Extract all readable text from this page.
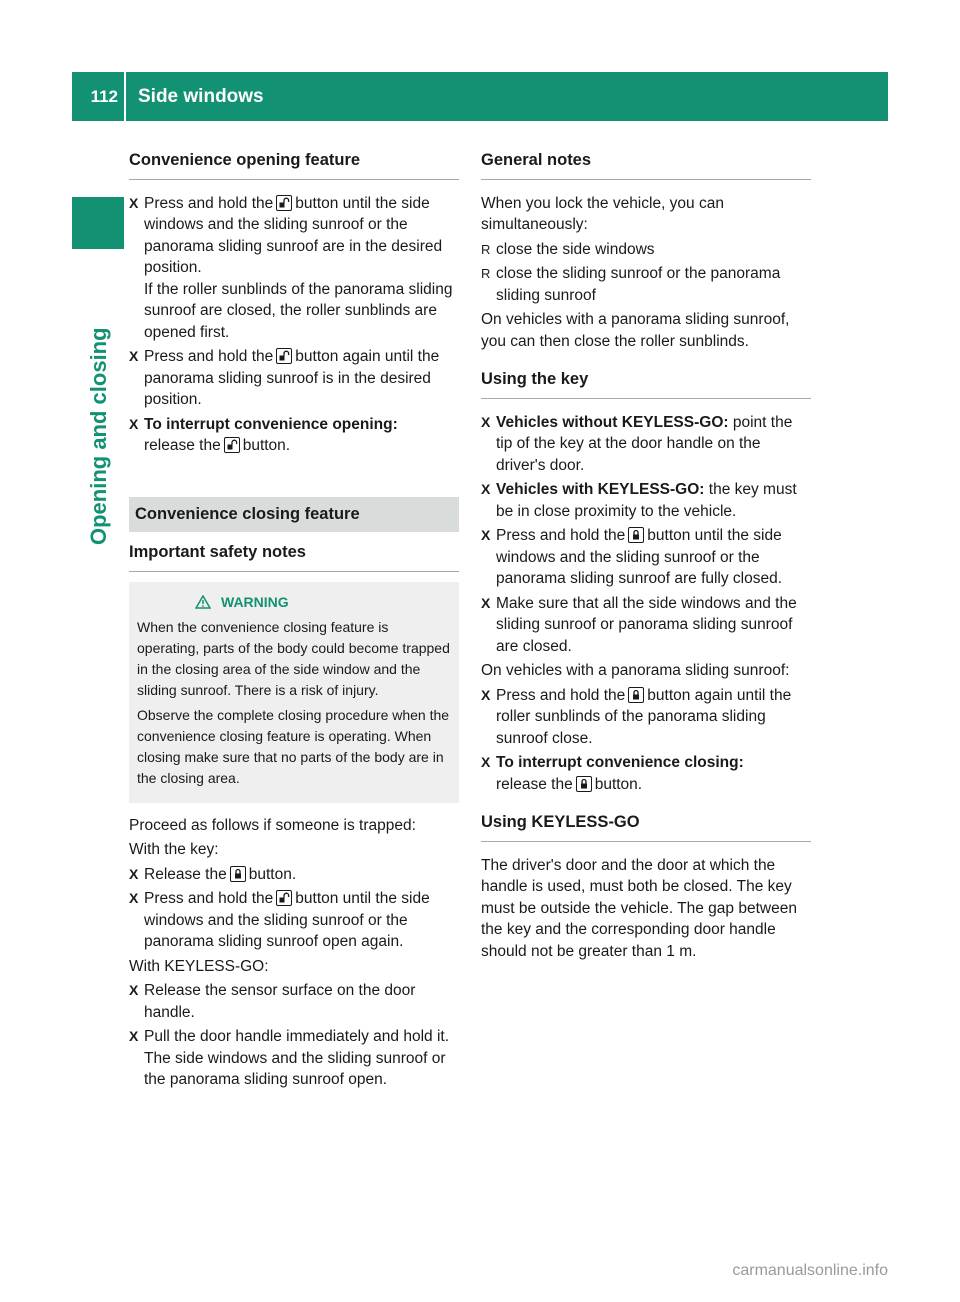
112	Side windows
Opening and closing
Convenience opening feature
X Press and hold the button until the side windows and the sliding sunroof or the panorama sliding sunroof are in the desired position.
If the roller sunblinds of the panorama sliding sunroof are closed, the roller sunblinds are opened first.
X Press and hold the button again until the panorama sliding sunroof is in the desired position.
X To interrupt convenience opening:
release the button.
Convenience closing feature
Important safety notes
WARNING

When the convenience closing feature is operating, parts of the body could become trapped in the closing area of the side window and the sliding sunroof. There is a risk of injury.

Observe the complete closing procedure when the convenience closing feature is operating. When closing make sure that no parts of the body are in the closing area.

Proceed as follows if someone is trapped:

With the key:

X Release the button.
X Press and hold the button until the side windows and the sliding sunroof or the panorama sliding sunroof open again.

With KEYLESS-GO:

X Release the sensor surface on the door handle.
X Pull the door handle immediately and hold it.
The side windows and the sliding sunroof or the panorama sliding sunroof open.
General notes

When you lock the vehicle, you can simultaneously:

R close the side windows
R close the sliding sunroof or the panorama sliding sunroof

On vehicles with a panorama sliding sunroof, you can then close the roller sunblinds.

Using the key
X Vehicles without KEYLESS-GO: point the tip of the key at the door handle on the driver's door.
X Vehicles with KEYLESS-GO: the key must be in close proximity to the vehicle.
X Press and hold the button until the side windows and the sliding sunroof or the panorama sliding sunroof are fully closed.
X Make sure that all the side windows and the sliding sunroof or panorama sliding sunroof are closed.

On vehicles with a panorama sliding sunroof:

X Press and hold the button again until the roller sunblinds of the panorama sliding sunroof close.
X To interrupt convenience closing:
release the button.
Using KEYLESS-GO

The driver's door and the door at which the handle is used, must both be closed. The key must be outside the vehicle. The gap between the key and the corresponding door handle should not be greater than 1 m.

carmanualsonline.info
